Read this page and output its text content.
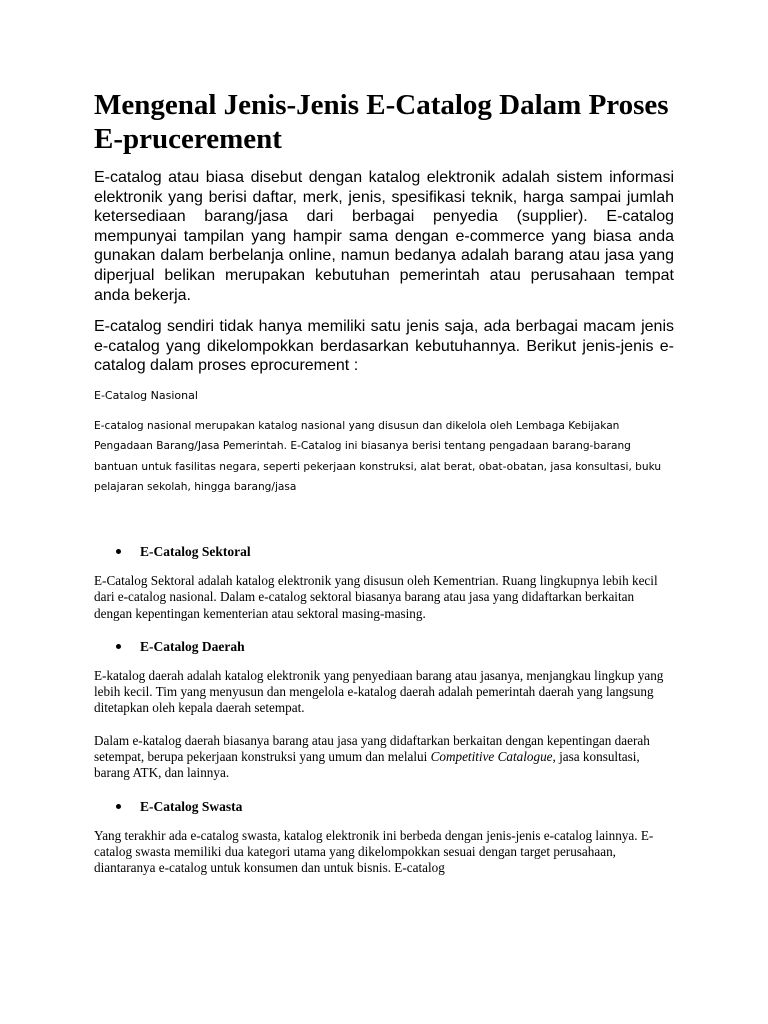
Mengenal Jenis-Jenis E-Catalog Dalam Proses E-prucerement

E-catalog atau biasa disebut dengan katalog elektronik adalah sistem informasi elektronik yang berisi daftar, merk, jenis, spesifikasi teknik, harga sampai jumlah ketersediaan barang/jasa dari berbagai penyedia (supplier). E-catalog mempunyai tampilan yang hampir sama dengan e-commerce yang biasa anda gunakan dalam berbelanja online, namun bedanya adalah barang atau jasa yang diperjual belikan merupakan kebutuhan pemerintah atau perusahaan tempat anda bekerja.

E-catalog sendiri tidak hanya memiliki satu jenis saja, ada berbagai macam jenis e-catalog yang dikelompokkan berdasarkan kebutuhannya. Berikut jenis-jenis e-catalog dalam proses eprocurement :

E-Catalog Nasional

E-catalog nasional merupakan katalog nasional yang disusun dan dikelola oleh Lembaga Kebijakan Pengadaan Barang/Jasa Pemerintah. E-Catalog ini biasanya berisi tentang pengadaan barang-barang bantuan untuk fasilitas negara, seperti pekerjaan konstruksi, alat berat, obat-obatan, jasa konsultasi, buku pelajaran sekolah, hingga barang/jasa

E-Catalog Sektoral

E-Catalog Sektoral adalah katalog elektronik yang disusun oleh Kementrian. Ruang lingkupnya lebih kecil dari e-catalog nasional. Dalam e-catalog sektoral biasanya barang atau jasa yang didaftarkan berkaitan dengan kepentingan kementerian atau sektoral masing-masing.

E-Catalog Daerah

E-katalog daerah adalah katalog elektronik yang penyediaan barang atau jasanya, menjangkau lingkup yang lebih kecil. Tim yang menyusun dan mengelola e-katalog daerah adalah pemerintah daerah yang langsung ditetapkan oleh kepala daerah setempat.

Dalam e-katalog daerah biasanya barang atau jasa yang didaftarkan berkaitan dengan kepentingan daerah setempat, berupa pekerjaan konstruksi yang umum dan melalui Competitive Catalogue, jasa konsultasi, barang ATK, dan lainnya.

E-Catalog Swasta

Yang terakhir ada e-catalog swasta, katalog elektronik ini berbeda dengan jenis-jenis e-catalog lainnya. E-catalog swasta memiliki dua kategori utama yang dikelompokkan sesuai dengan target perusahaan, diantaranya e-catalog untuk konsumen dan untuk bisnis. E-catalog
